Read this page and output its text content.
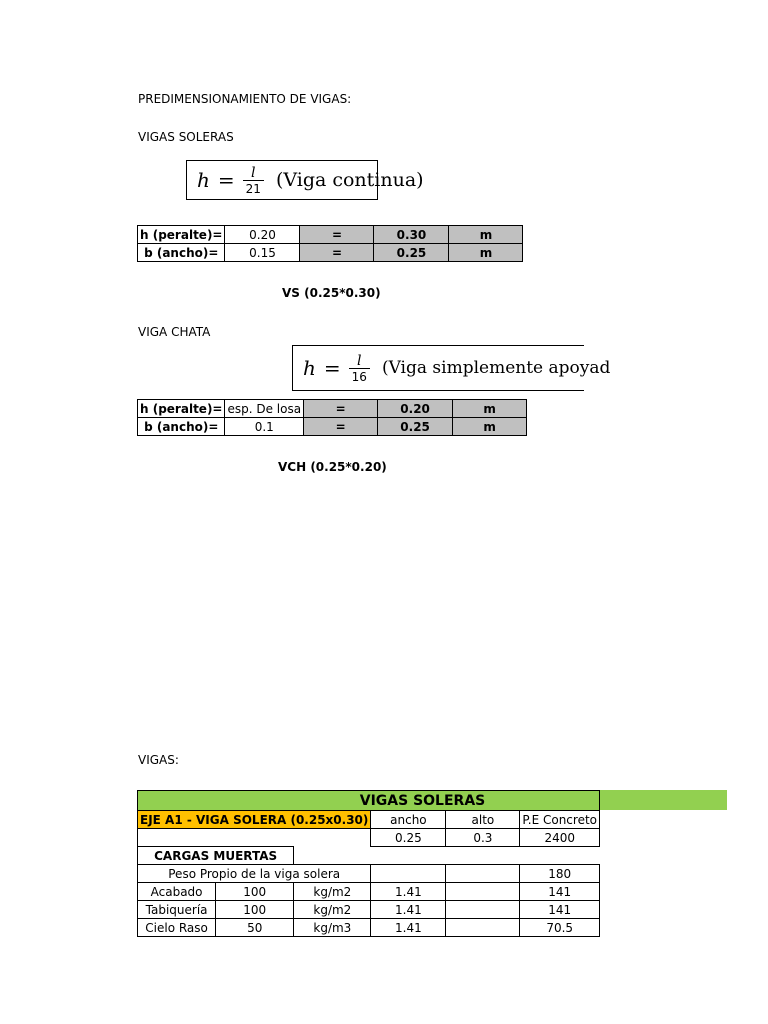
PREDIMENSIONAMIENTO DE VIGAS:
VIGAS SOLERAS
$h = \frac{l}{21}$ (Viga continua)
h (peralte)=	0.20	=	0.30	m
b (ancho)=	0.15	=	0.25	m
VS (0.25*0.30)
VIGA CHATA
$h = \frac{l}{16}$ (Viga simplemente apoyad
h (peralte)=	esp. De losa	=	0.20	m
b (ancho)=	0.1	=	0.25	m
VCH (0.25*0.20)
VIGAS:
VIGAS SOLERAS					
EJE A1 - VIGA SOLERA (0.25x0.30)			ancho	alto	P.E Concreto
			0.25	0.3	2400
CARGAS MUERTAS					
Peso Propio de la viga solera					180
Acabado	100	kg/m2	1.41		141
Tabiquería	100	kg/m2	1.41		141
Cielo Raso	50	kg/m3	1.41		70.5
